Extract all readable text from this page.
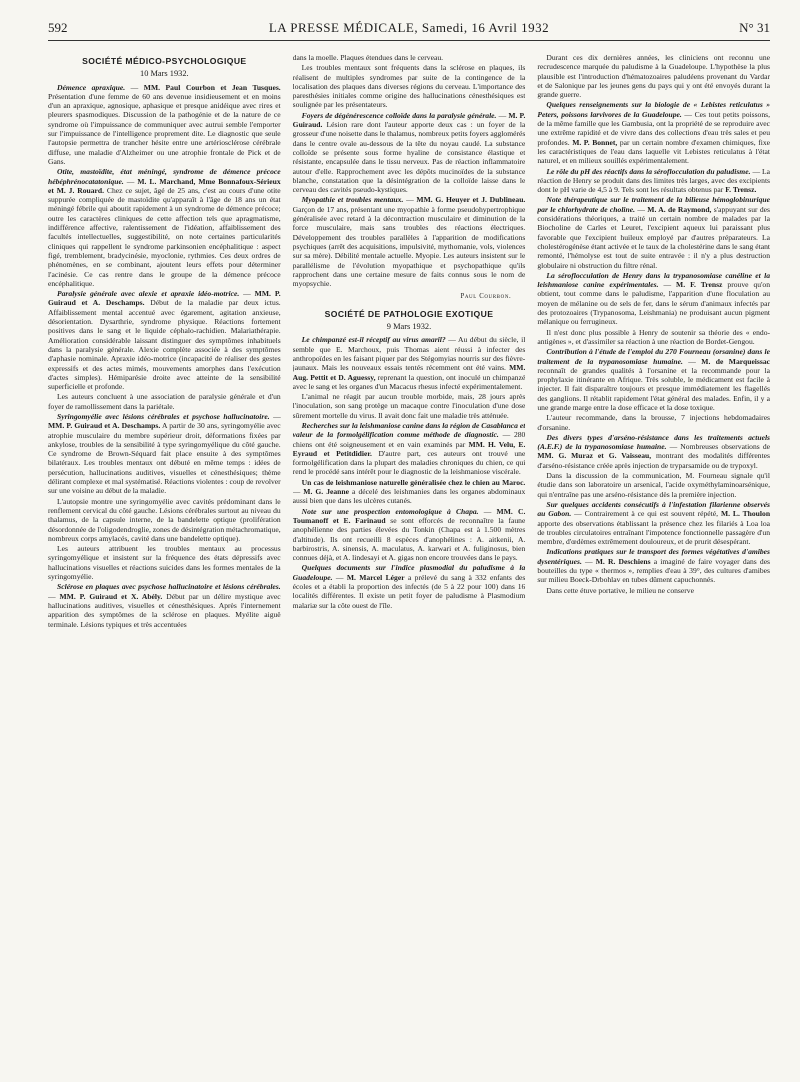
592	LA PRESSE MÉDICALE, Samedi, 16 Avril 1932	N° 31
SOCIÉTÉ MÉDICO-PSYCHOLOGIQUE
10 Mars 1932.

Démence apraxique. — MM. Paul Courbon et Jean Tusques. Présentation d'une femme de 60 ans devenue insidieusement et en moins d'un an apraxique, agnosique, aphasique et presque anidéique avec rires et pleurers spasmodiques. Discussion de la pathogénie et de la nature de ce syndrome où l'impuissance de communiquer avec autrui semble l'emporter sur l'impuissance de l'intelligence proprement dite. Le diagnostic que seule l'autopsie permettra de trancher hésite entre une artériosclérose cérébrale diffuse, une maladie d'Alzheimer ou une atrophie frontale de Pick et de Gans.

Otite, mastoïdite, état méningé, syndrome de démence précoce hébéphrénocatatonique. — M. L. Marchand, Mme Bonnafoux-Sérieux et M. J. Rouard. Chez ce sujet, âgé de 25 ans, c'est au cours d'une otite suppurée compliquée de mastoïdite qu'apparaît à l'âge de 18 ans un état méningé fébrile qui aboutit rapidement à un syndrome de démence précoce; outre les caractères cliniques de cette affection tels que apragmatisme, indifférence affective, ralentissement de l'idéation, affaiblissement des facultés intellectuelles, suggestibilité, on note certaines particularités cliniques qui rappellent le syndrome parkinsonien encéphalitique : aspect figé, tremblement, bradycinésie, myoclonie, rythmies. Ces deux ordres de phénomènes, en se combinant, ajoutent leurs effets pour déterminer l'acinésie. Ce cas rentre dans le groupe de la démence précoce encéphalitique.

Paralysie générale avec alexie et apraxie idéo-motrice. — MM. P. Guiraud et A. Deschamps. Début de la maladie par deux ictus. Affaiblissement mental accentué avec égarement, agitation anxieuse, désorientation. Dysarthrie, syndrome physique. Réactions fortement positives dans le sang et le liquide céphalo-rachidien. Malariathérapie. Amélioration considérable laissant distinguer des symptômes inhabituels dans la paralysie générale. Alexie complète associée à des symptômes d'aphasie nominale. Apraxie idéo-motrice (incapacité de réaliser des gestes expressifs et des actes mimés, mouvements amorphes dans l'exécution d'actes simples). Hémiparésie droite avec atteinte de la sensibilité superficielle et profonde.

Les auteurs concluent à une association de paralysie générale et d'un foyer de ramollissement dans la pariétale.

Syringomyélie avec lésions cérébrales et psychose hallucinatoire. — MM. P. Guiraud et A. Deschamps. A partir de 30 ans, syringomyélie avec atrophie musculaire du membre supérieur droit, déformations fixées par ankylose, troubles de la sensibilité à type syringomyélique du côté gauche. Ce syndrome de Brown-Séquard fait place ensuite à des symptômes bilatéraux. Les troubles mentaux ont débuté en même temps : idées de persécution, hallucinations auditives, visuelles et cénesthésiques; thème délirant complexe et mal systématisé. Réactions violentes : coup de revolver sur une voisine au début de la maladie.

L'autopsie montre une syringomyélie avec cavités prédominant dans le renflement cervical du côté gauche. Lésions cérébrales surtout au niveau du thalamus, de la capsule interne, de la bandelette optique (prolifération désordonnée de l'oligodendroglie, zones de désintégration métachromatique, nombreux corps amylacés, cavité dans une bandelette optique).

Les auteurs attribuent les troubles mentaux au processus syringomyélique et insistent sur la fréquence des états dépressifs avec hallucinations visuelles et réactions suicides dans les formes mentales de la syringomyélie.

Sclérose en plaques avec psychose hallucinatoire et lésions cérébrales. — MM. P. Guiraud et X. Abély. Début par un délire mystique avec hallucinations auditives, visuelles et cénesthésiques. Après l'internement apparition des symptômes de la sclérose en plaques. Myélite aiguë terminale. Lésions typiques et très accentuées

dans la moelle. Plaques étendues dans le cerveau.

Les troubles mentaux sont fréquents dans la sclérose en plaques, ils réalisent de multiples syndromes par suite de la contingence de la localisation des plaques dans diverses régions du cerveau. L'importance des paresthésies initiales comme origine des hallucinations cénesthésiques est soulignée par les présentateurs.

Foyers de dégénérescence colloïde dans la paralysie générale. — M. P. Guiraud. Lésion rare dont l'auteur apporte deux cas : un foyer de la grosseur d'une noisette dans le thalamus, nombreux petits foyers agglomérés dans le centre ovale au-dessous de la tête du noyau caudé. La substance colloïde se présente sous forme hyaline de consistance élastique et résistante, encapsulée dans le tissu nerveux. Pas de réaction inflammatoire autour d'elle. Rapprochement avec les dépôts mucinoïdes de la substance blanche, constatation que la désintégration de la colloïde laisse dans le cerveau des cavités pseudo-kystiques.

Myopathie et troubles mentaux. — MM. G. Heuyer et J. Dublineau. Garçon de 17 ans, présentant une myopathie à forme pseudohypertrophique généralisée avec retard à la décontraction musculaire et diminution de la force musculaire, mais sans troubles des réactions électriques. Développement des troubles parallèles à l'apparition de modifications psychiques (arrêt des acquisitions, impulsivité, mythomanie, vols, violences sur sa mère). Débilité mentale actuelle. Myopie. Les auteurs insistent sur le parallélisme de l'évolution myopathique et psychopathique qu'ils rapprochent dans une certaine mesure de faits connus sous le nom de myopsychie.

Paul Courbon.
SOCIÉTÉ DE PATHOLOGIE EXOTIQUE
9 Mars 1932.

Le chimpanzé est-il réceptif au virus amaril? — Au début du siècle, il semble que E. Marchoux, puis Thomas aient réussi à infecter des anthropoïdes en les faisant piquer par des Stégomyias nourris sur des fièvre-jaunaux. Mais les nouveaux essais tentés récemment ont été vains. MM. Aug. Pettit et D. Aguessy, reprenant la question, ont inoculé un chimpanzé avec le sang et les organes d'un Macacus rhesus infecté expérimentalement.

L'animal ne réagit par aucun trouble morbide, mais, 28 jours après l'inoculation, son sang protège un macaque contre l'inoculation d'une dose sûrement mortelle du virus. Il avait donc fait une maladie très atténuée.

Recherches sur la leishmaniose canine dans la région de Casablanca et valeur de la formolgélification comme méthode de diagnostic. — 280 chiens ont été soigneusement et en vain examinés par MM. H. Velu, E. Eyraud et Petitdidier. D'autre part, ces auteurs ont trouvé une formolgélification dans la plupart des maladies chroniques du chien, ce qui rend le procédé sans intérêt pour le diagnostic de la leishmaniose viscérale.

Un cas de leishmaniose naturelle généralisée chez le chien au Maroc. — M. G. Jeanne a décelé des leishmanies dans les organes abdominaux aussi bien que dans les ulcères cutanés.

Note sur une prospection entomologique à Chapa. — MM. C. Toumanoff et E. Farinaud se sont efforcés de reconnaître la faune anophélienne des parties élevées du Tonkin (Chapa est à 1.500 mètres d'altitude). Ils ont recueilli 8 espèces d'anophélines : A. aitkenii, A. barbirostris, A. sinensis, A. maculatus, A. karwari et A. fuliginosus, bien connues déjà, et A. lindesayi et A. gigas non encore trouvées dans le pays.

Quelques documents sur l'indice plasmodial du paludisme à la Guadeloupe. — M. Marcel Léger a prélevé du sang à 332 enfants des écoles et a établi la proportion des infectés (de 5 à 22 pour 100) dans 16 localités différentes. Il existe un petit foyer de paludisme à Plasmodium malariæ sur la côte ouest de l'île.

Durant ces dix dernières années, les cliniciens ont reconnu une recrudescence marquée du paludisme à la Guadeloupe. L'hypothèse la plus plausible est l'introduction d'hématozoaires paludéens provenant du Vardar et de Salonique par les jeunes gens du pays qui y ont été envoyés durant la grande guerre.

Quelques renseignements sur la biologie de « Lebistes reticulatus » Peters, poissons larvivores de la Guadeloupe. — Ces tout petits poissons, de la même famille que les Gambusia, ont la propriété de se reproduire avec une extrême rapidité et de vivre dans des collections d'eau très sales et peu profondes. M. P. Bonnet, par un certain nombre d'examen chimiques, fixe les caractéristiques de l'eau dans laquelle vit Lebistes reticulatus à l'état naturel, et en milieux souillés expérimentalement.

Le rôle du pH des réactifs dans la séroflocculation du paludisme. — La réaction de Henry se produit dans des limites très larges, avec des excipients dont le pH varie de 4,5 à 9. Tels sont les résultats obtenus par F. Trensz.

Note thérapeutique sur le traitement de la bilieuse hémoglobinurique par le chlorhydrate de choline. — M. A. de Raymond, s'appuyant sur des considérations théoriques, a traité un certain nombre de malades par la Biocholine de Carles et Leuret, l'excipient aqueux lui paraissant plus favorable que l'excipient huileux employé par d'autres préparateurs. La cholestérogénèse étant activée et le taux de la cholestérine dans le sang étant remonté, l'hémolyse est tout de suite entravée : il n'y a plus destruction globulaire ni obstruction du filtre rénal.

La séroflocculation de Henry dans la trypanosomiase canéline et la leishmaniose canine expérimentales. — M. F. Trensz prouve qu'on obtient, tout comme dans le paludisme, l'apparition d'une floculation au moyen de mélanine ou de sels de fer, dans le sérum d'animaux infectés par des protozoaires (Trypanosoma, Leishmania) ne produisant aucun pigment mélanique ou ferrugineux.

Il n'est donc plus possible à Henry de soutenir sa théorie des « endo-antigènes », et d'assimiler sa réaction à une réaction de Bordet-Gengou.

Contribution à l'étude de l'emploi du 270 Fourneau (orsanine) dans le traitement de la trypanosomiase humaine. — M. de Marqueissac reconnaît de grandes qualités à l'orsanine et la recommande pour la prophylaxie itinérante en Afrique. Très soluble, le médicament est facile à injecter. Il fait disparaître toujours et presque immédiatement les flagellés des ganglions. Il rétablit rapidement l'état général des malades. Enfin, il y a une grande marge entre la dose efficace et la dose toxique.

L'auteur recommande, dans la brousse, 7 injections hebdomadaires d'orsanine.

Des divers types d'arséno-résistance dans les traitements actuels (A.E.F.) de la trypanosomiase humaine. — Nombreuses observations de MM. G. Muraz et G. Vaisseau, montrant des modalités différentes d'arséno-résistance créée après injection de tryparsamide ou de trypoxyl.

Dans la discussion de la communication, M. Fourneau signale qu'il étudie dans son laboratoire un arsenical, l'acide oxyméthylaminoarsénique, qui n'entraîne pas une arséno-résistance dès la première injection.

Sur quelques accidents consécutifs à l'infestation filarienne observés au Gabon. — Contrairement à ce qui est souvent répété, M. L. Thoulon apporte des observations établissant la présence chez les filariés à Loa loa de troubles circulatoires entraînant l'impotence fonctionnelle passagère d'un membre, d'œdèmes extrêmement douloureux, et de prurit désespérant.

Indications pratiques sur le transport des formes végétatives d'amibes dysentériques. — M. R. Deschiens a imaginé de faire voyager dans des bouteilles du type « thermos », remplies d'eau à 39°, des cultures d'amibes sur milieu Boeck-Drbohlav en tubes dûment capuchonnés.

Dans cette étuve portative, le milieu ne conserve
